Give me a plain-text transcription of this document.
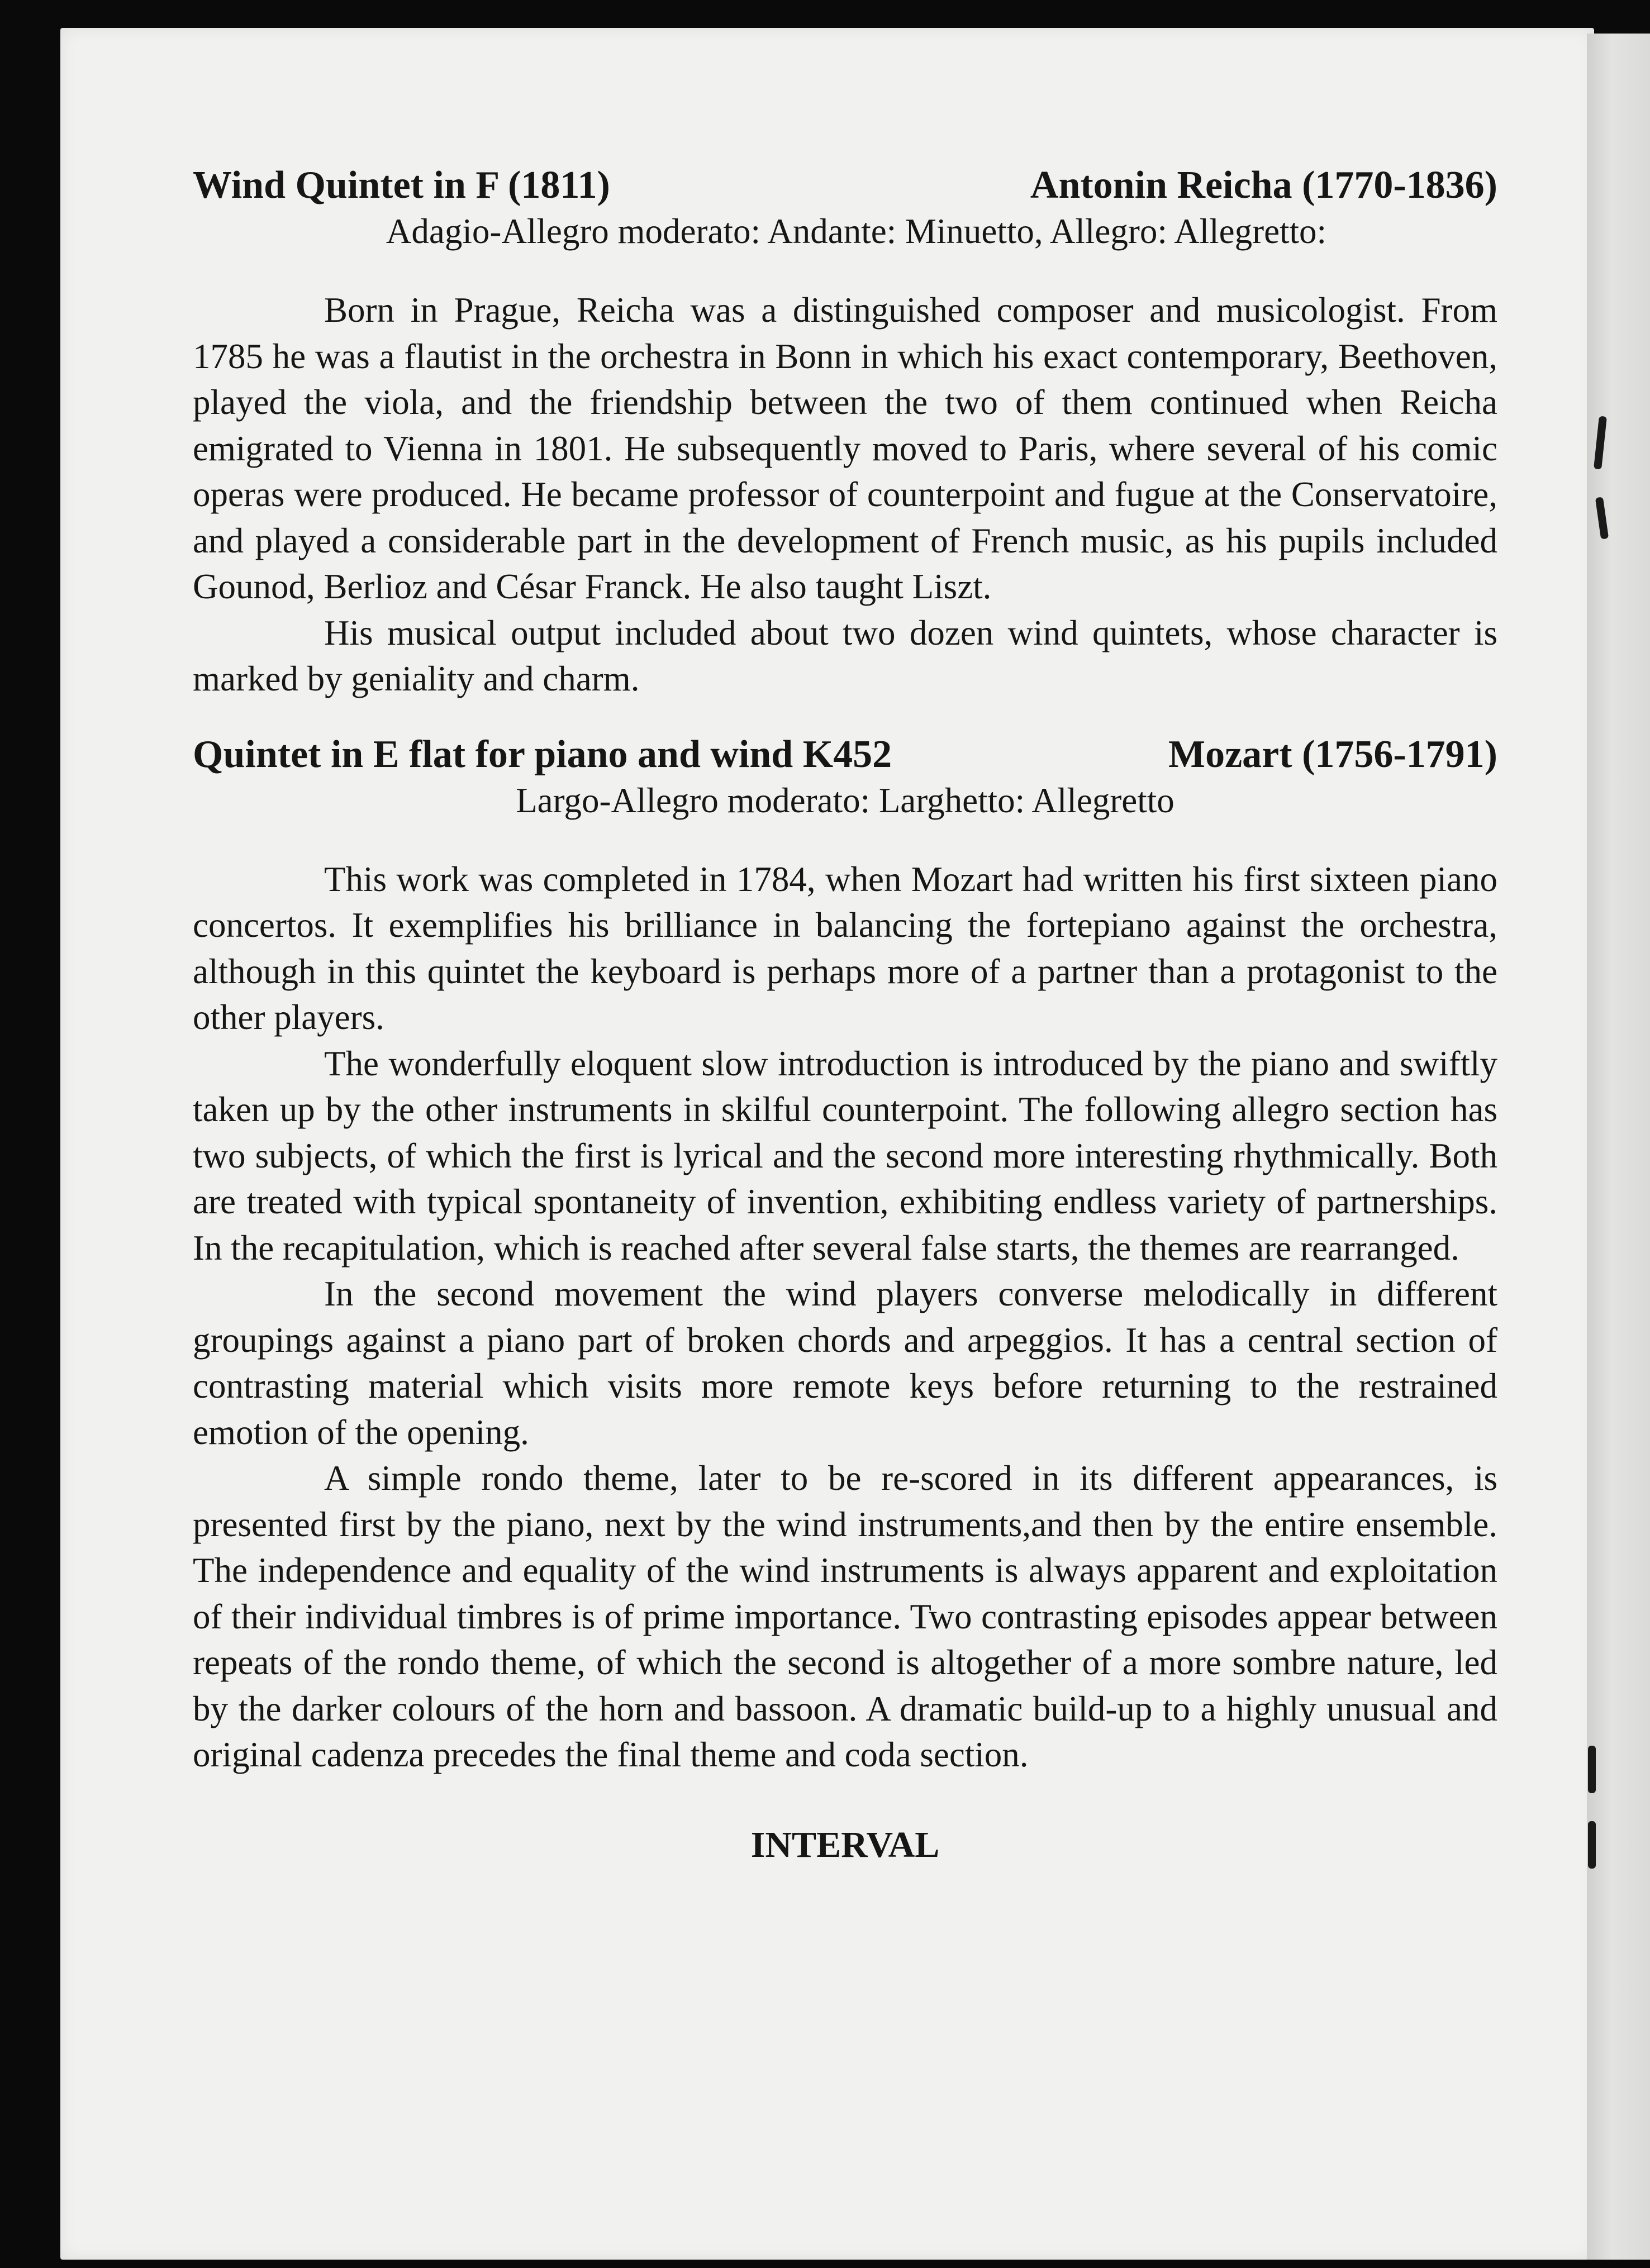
Wind Quintet in F (1811)	Antonin Reicha (1770-1836)
Adagio-Allegro moderato: Andante: Minuetto, Allegro: Allegretto:

Born in Prague, Reicha was a distinguished composer and musicologist. From 1785 he was a flautist in the orchestra in Bonn in which his exact contemporary, Beethoven, played the viola, and the friendship between the two of them continued when Reicha emigrated to Vienna in 1801. He subsequently moved to Paris, where several of his comic operas were produced. He became professor of counterpoint and fugue at the Conservatoire, and played a considerable part in the development of French music, as his pupils included Gounod, Berlioz and César Franck. He also taught Liszt.

His musical output included about two dozen wind quintets, whose character is marked by geniality and charm.

Quintet in E flat for piano and wind K452	Mozart (1756-1791)
Largo-Allegro moderato: Larghetto: Allegretto

This work was completed in 1784, when Mozart had written his first sixteen piano concertos. It exemplifies his brilliance in balancing the fortepiano against the orchestra, although in this quintet the keyboard is perhaps more of a partner than a protagonist to the other players.

The wonderfully eloquent slow introduction is introduced by the piano and swiftly taken up by the other instruments in skilful counterpoint. The following allegro section has two subjects, of which the first is lyrical and the second more interesting rhythmically. Both are treated with typical spontaneity of invention, exhibiting endless variety of partnerships. In the recapitulation, which is reached after several false starts, the themes are rearranged.

In the second movement the wind players converse melodically in different groupings against a piano part of broken chords and arpeggios. It has a central section of contrasting material which visits more remote keys before returning to the restrained emotion of the opening.

A simple rondo theme, later to be re-scored in its different appearances, is presented first by the piano, next by the wind instruments,and then by the entire ensemble. The independence and equality of the wind instruments is always apparent and exploitation of their individual timbres is of prime importance. Two contrasting episodes appear between repeats of the rondo theme, of which the second is altogether of a more sombre nature, led by the darker colours of the horn and bassoon. A dramatic build-up to a highly unusual and original cadenza precedes the final theme and coda section.

INTERVAL
